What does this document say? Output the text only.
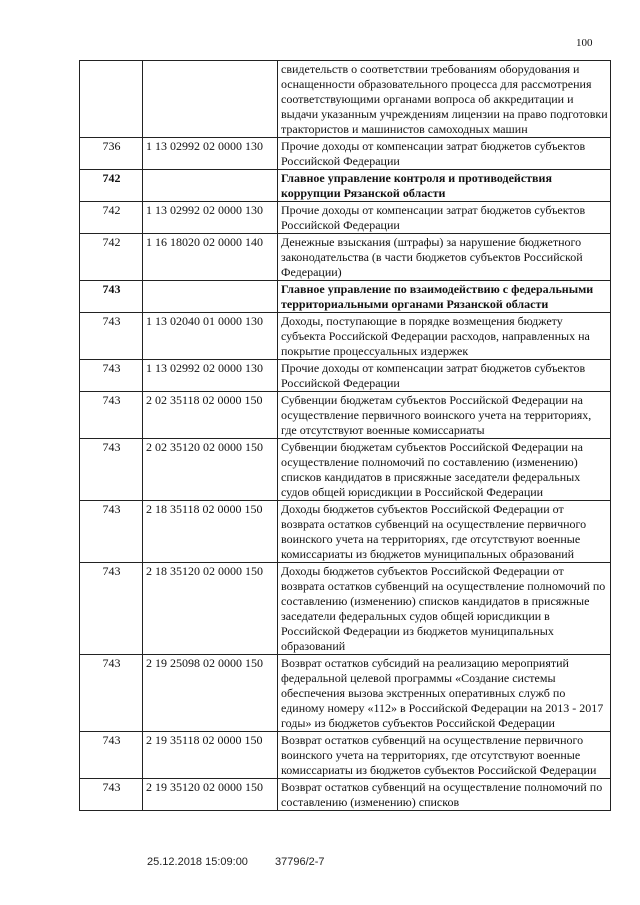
100
		свидетельств о соответствии требованиям оборудования и оснащенности образовательного процесса для рассмотрения соответствующими органами вопроса об аккредитации и выдачи указанным учреждениям лицензии на право подготовки трактористов и машинистов самоходных машин
736	1 13 02992 02 0000 130	Прочие доходы от компенсации затрат бюджетов субъектов Российской Федерации
742		Главное управление контроля и противодействия коррупции Рязанской области
742	1 13 02992 02 0000 130	Прочие доходы от компенсации затрат бюджетов субъектов Российской Федерации
742	1 16 18020 02 0000 140	Денежные взыскания (штрафы) за нарушение бюджетного законодательства (в части бюджетов субъектов Российской Федерации)
743		Главное управление по взаимодействию с федеральными территориальными органами Рязанской области
743	1 13 02040 01 0000 130	Доходы, поступающие в порядке возмещения бюджету субъекта Российской Федерации расходов, направленных на покрытие процессуальных издержек
743	1 13 02992 02 0000 130	Прочие доходы от компенсации затрат бюджетов субъектов Российской Федерации
743	2 02 35118 02 0000 150	Субвенции бюджетам субъектов Российской Федерации на осуществление первичного воинского учета на территориях, где отсутствуют военные комиссариаты
743	2 02 35120 02 0000 150	Субвенции бюджетам субъектов Российской Федерации на осуществление полномочий по составлению (изменению) списков кандидатов в присяжные заседатели федеральных судов общей юрисдикции в Российской Федерации
743	2 18 35118 02 0000 150	Доходы бюджетов субъектов Российской Федерации от возврата остатков субвенций на осуществление первичного воинского учета на территориях, где отсутствуют военные комиссариаты из бюджетов муниципальных образований
743	2 18 35120 02 0000 150	Доходы бюджетов субъектов Российской Федерации от возврата остатков субвенций на осуществление полномочий по составлению (изменению) списков кандидатов в присяжные заседатели федеральных судов общей юрисдикции в Российской Федерации из бюджетов муниципальных образований
743	2 19 25098 02 0000 150	Возврат остатков субсидий на реализацию мероприятий федеральной целевой программы «Создание системы обеспечения вызова экстренных оперативных служб по единому номеру «112» в Российской Федерации на 2013 - 2017 годы» из бюджетов субъектов Российской Федерации
743	2 19 35118 02 0000 150	Возврат остатков субвенций на осуществление первичного воинского учета на территориях, где отсутствуют военные комиссариаты из бюджетов субъектов Российской Федерации
743	2 19 35120 02 0000 150	Возврат остатков субвенций на осуществление полномочий по составлению (изменению) списков
25.12.2018 15:09:00 37796/2-7
